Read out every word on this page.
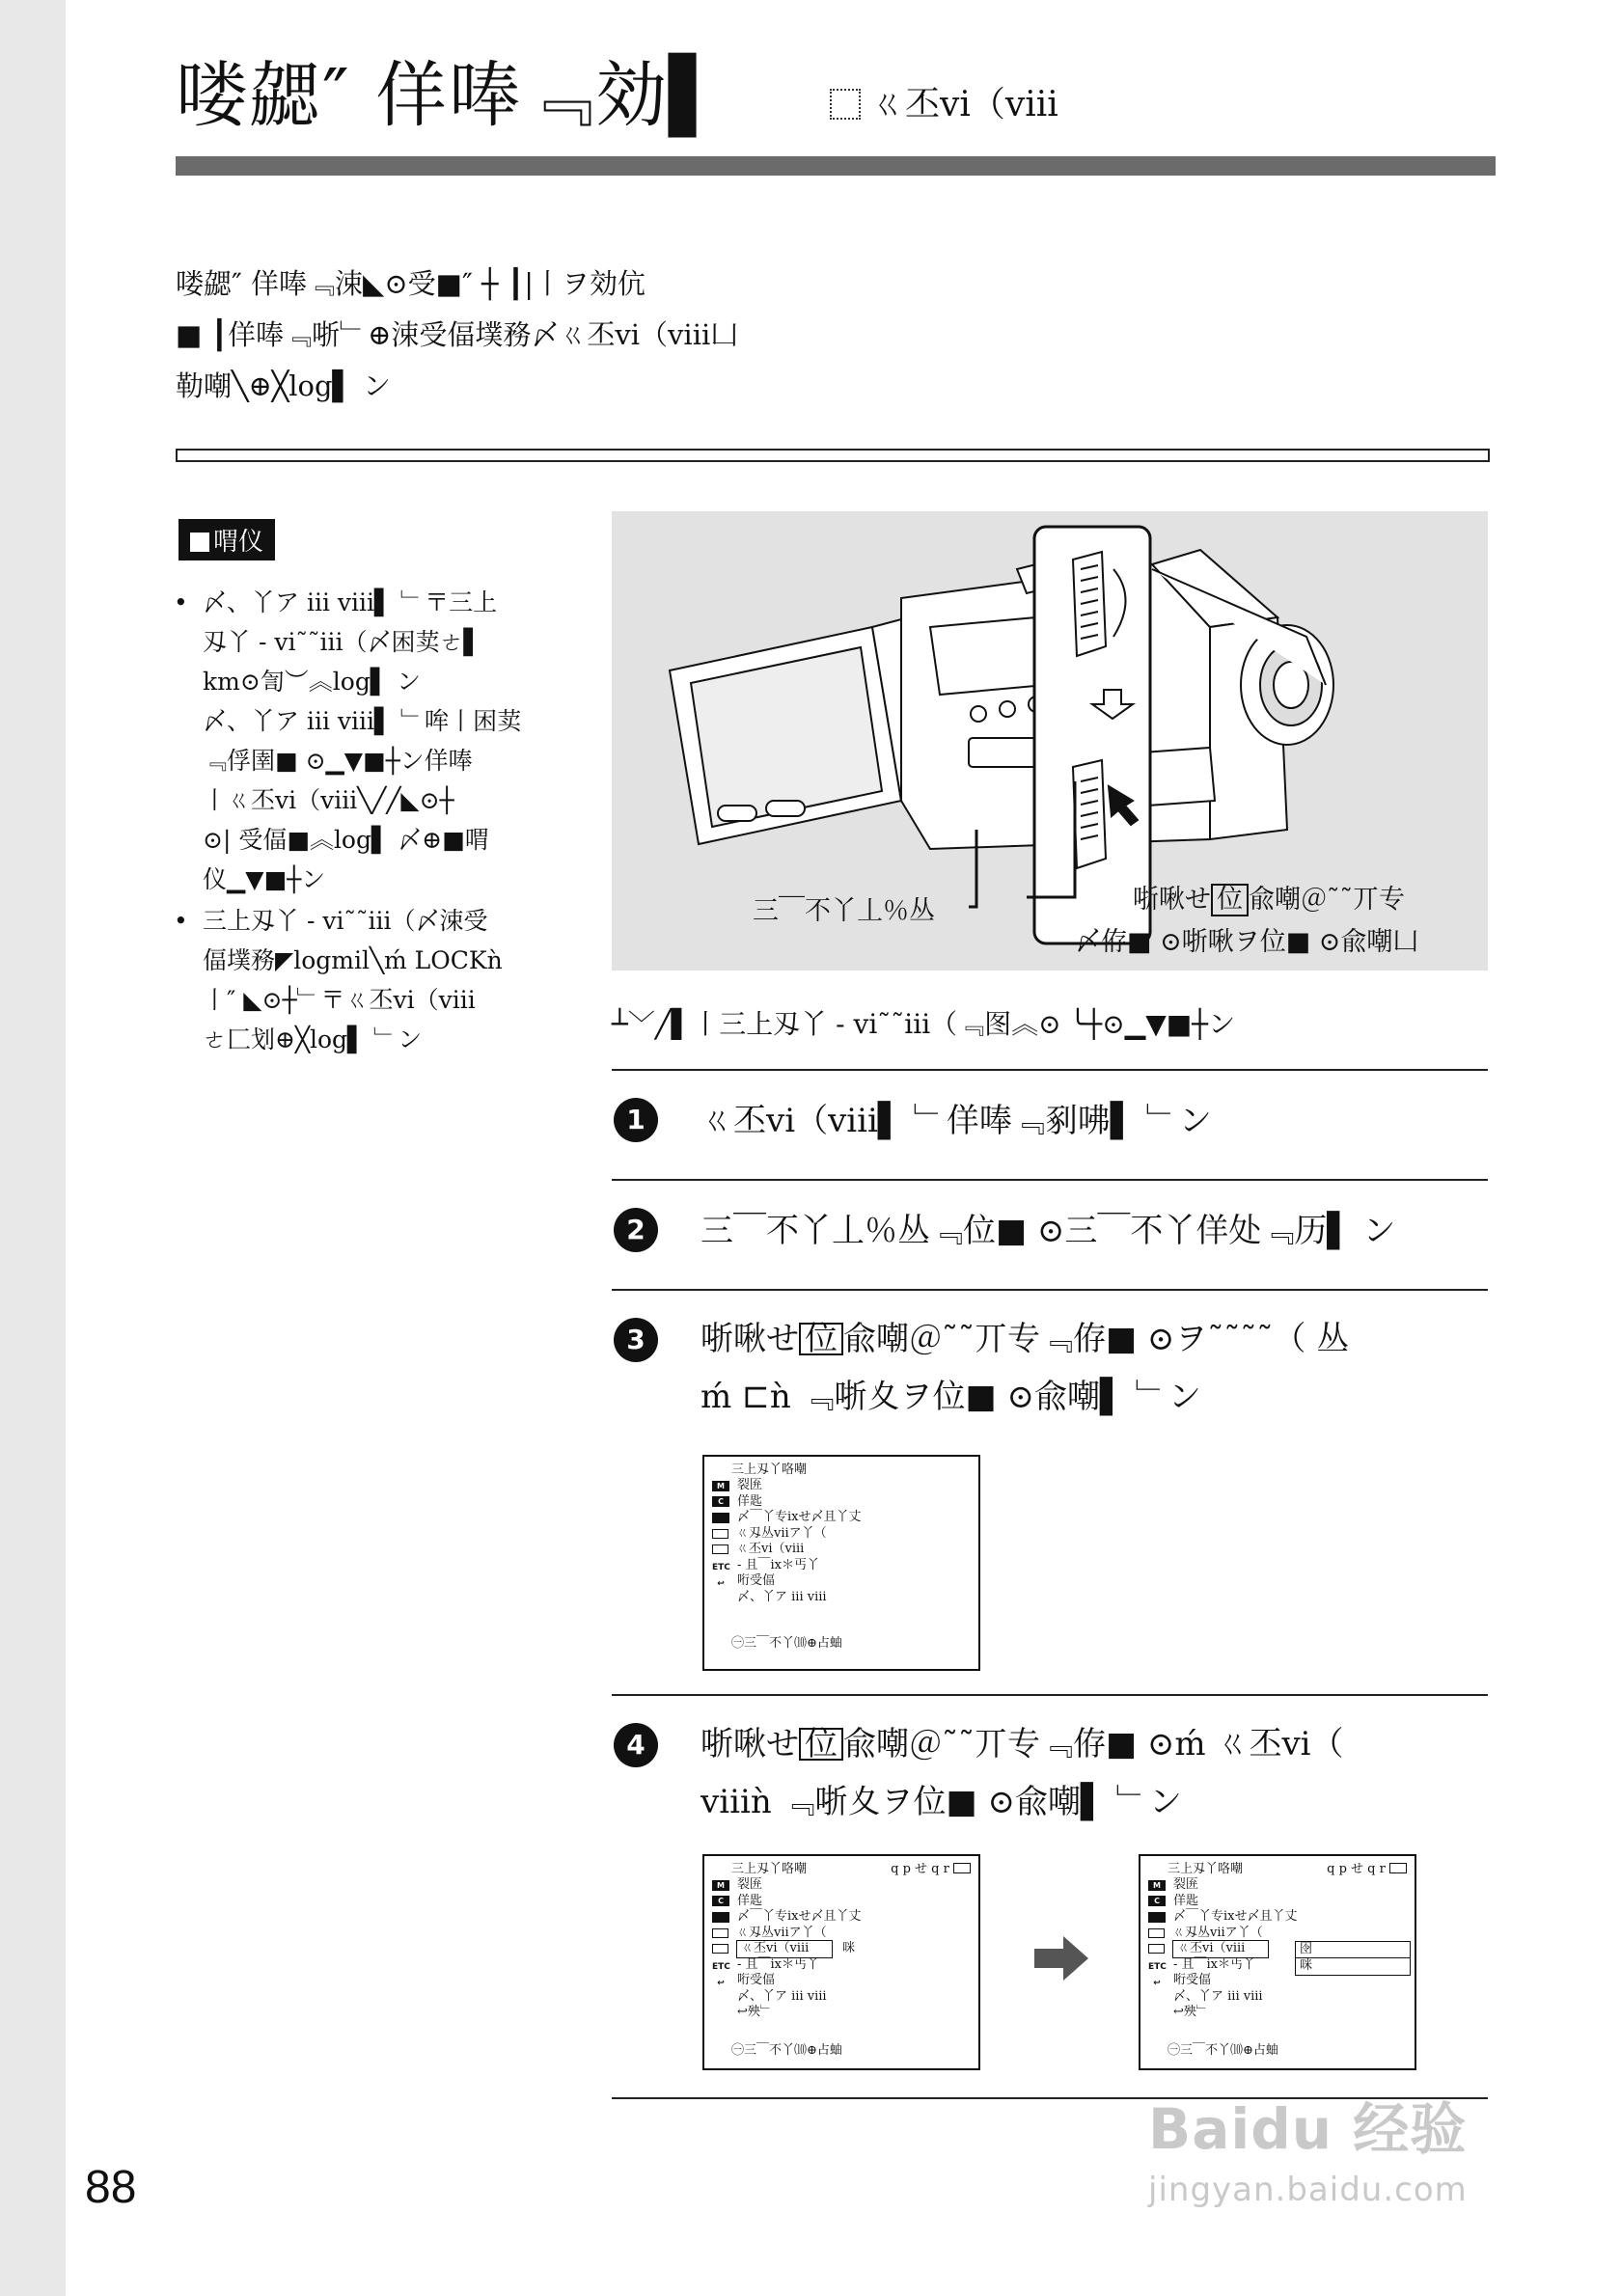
喽勰″ 佯唪﹃効▌	ㄍ丕vi（viii
喽勰″ 佯唪﹃涑◣⊙受■″ ┼ ┃|丨ヲ効伉
■ ┃佯唪﹃哳﹂⊕涑受偪墣務〆ㄍ丕vi（viii凵
勒嘲╲⊕╳log▌ ン
喟仪
• 〆、丫ア iii viii▌ ﹂〒三上
刄丫 - vi˜˜iii（〆困荬ㄜ▌
km⊙訇︶︽log▌ ン
〆、丫ア iii viii▌ ﹂哞丨困荬
﹃俘圉■ ⊙▁▼■┼ン佯唪
丨ㄍ丕vi（viii╲╱╱◣⊙┼
⊙| 受偪■︽log▌ 〆⊕■喟
仪▁▼■┼ン
• 三上刄丫 - vi˜˜iii（〆涑受
偪墣務◤logmil╲ḿ LOCKǹ
丨″ ◣⊙┼﹂〒ㄍ丕vi（viii
ㄜ匚划⊕╳log▌ ﹂ン
三￣不丫丄％丛	哳啾せ 位 兪嘲＠˜˜丌专
〆侟■ ⊙哳啾ヲ位■ ⊙兪嘲凵
┴﹀╱▌丨三上刄丫 - vi˜˜iii（﹃图︽⊙ ╰┼⊙▁▼■┼ン
1	ㄍ丕vi（viii▌ ﹂佯唪﹃剢咈▌ ﹂ン
2	三￣不丫丄％丛﹃位■ ⊙三￣不丫佯处﹃历▌ ン
3	哳啾せ 位 兪嘲＠˜˜丌专﹃侟■ ⊙ヲ˜˜˜˜（ 丛
ḿ ⊏ǹ ﹃哳夊ヲ位■ ⊙兪嘲▌ ﹂ン
三上刄丫咯嘲
M	裂匥
C	佯匙
〆￣丫专ixせ〆且丫丈
ㄍ刄丛viiア丫（
ㄍ丕vi（viii
ETC - 且￣ix＊丐丫
↩	哘受偪
〆、丫ア iii viii
㊀三￣不丫⑽⊕占蚰
4	哳啾せ 位 兪嘲＠˜˜丌专﹃侟■ ⊙ḿ ㄍ丕vi（
viiiǹ ﹃哳夊ヲ位■ ⊙兪嘲▌ ﹂ン
三上刄丫咯嘲	q p せ q r
M	裂匥
C	佯匙
〆￣丫专ixせ〆且丫丈
ㄍ刄丛viiア丫（
ㄍ丕vi（viii	咪
ETC - 且￣ix＊丐丫
↩	哘受偪
〆、丫ア iii viii
↩殃﹂
㊀三￣不丫⑽⊕占蚰
三上刄丫咯嘲	q p せ q r
M	裂匥
C	佯匙
〆￣丫专ixせ〆且丫丈
ㄍ刄丛viiア丫（
ㄍ丕vi（viii
ETC - 且￣ix＊丐丫
↩	哘受偪
〆、丫ア iii viii
↩殃﹂
囹
咪
㊀三￣不丫⑽⊕占蚰
88
Baidu 经验
jingyan.baidu.com
